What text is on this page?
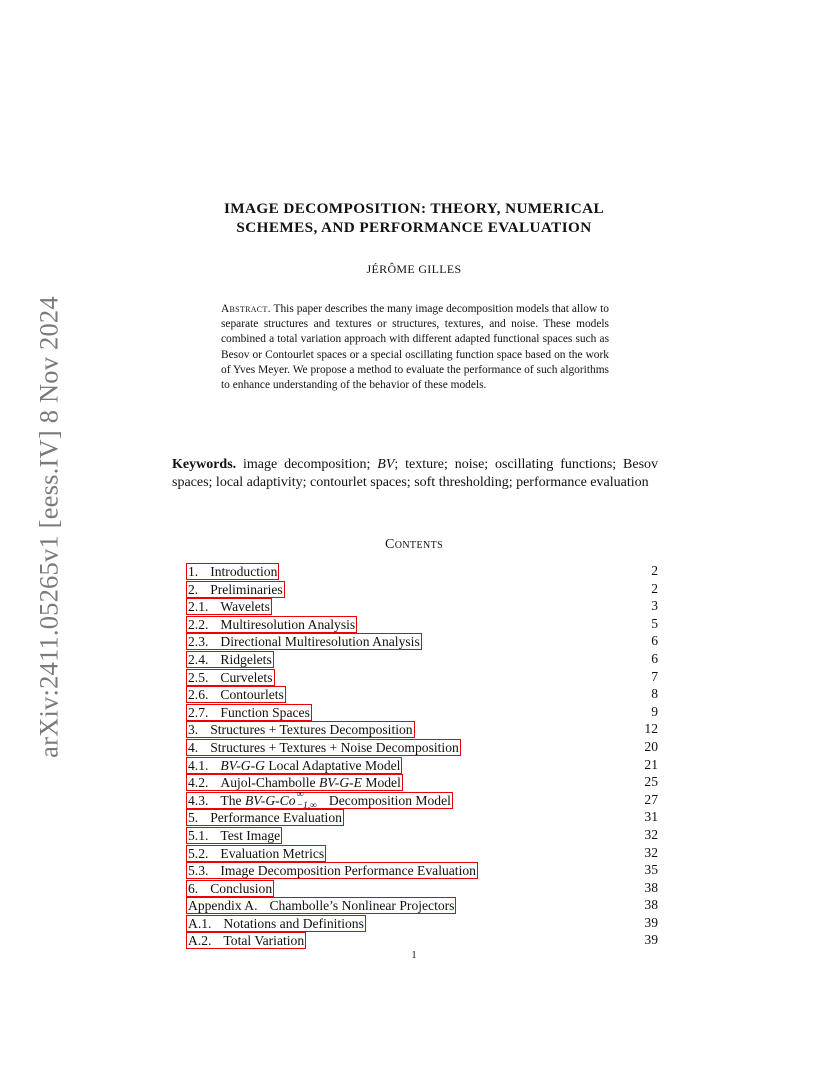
arXiv:2411.05265v1 [eess.IV] 8 Nov 2024
IMAGE DECOMPOSITION: THEORY, NUMERICAL
SCHEMES, AND PERFORMANCE EVALUATION
JÉRÔME GILLES
Abstract. This paper describes the many image decomposition models that allow to separate structures and textures or structures, textures, and noise. These models combined a total variation approach with different adapted functional spaces such as Besov or Contourlet spaces or a special oscillating function space based on the work of Yves Meyer. We propose a method to evaluate the performance of such algorithms to enhance understanding of the behavior of these models.
Keywords. image decomposition; BV; texture; noise; oscillating functions; Besov spaces; local adaptivity; contourlet spaces; soft thresholding; performance evaluation
Contents
1. Introduction	2
2. Preliminaries	2
2.1. Wavelets	3
2.2. Multiresolution Analysis	5
2.3. Directional Multiresolution Analysis	6
2.4. Ridgelets	6
2.5. Curvelets	7
2.6. Contourlets	8
2.7. Function Spaces	9
3. Structures + Textures Decomposition	12
4. Structures + Textures + Noise Decomposition	20
4.1. BV-G-G Local Adaptative Model	21
4.2. Aujol-Chambolle BV-G-E Model	25
4.3. The BV-G-Co ∞
−1,∞ Decomposition Model	27
5. Performance Evaluation	31
5.1. Test Image	32
5.2. Evaluation Metrics	32
5.3. Image Decomposition Performance Evaluation	35
6. Conclusion	38
Appendix A. Chambolle’s Nonlinear Projectors	38
A.1. Notations and Definitions	39
A.2. Total Variation	39
1
